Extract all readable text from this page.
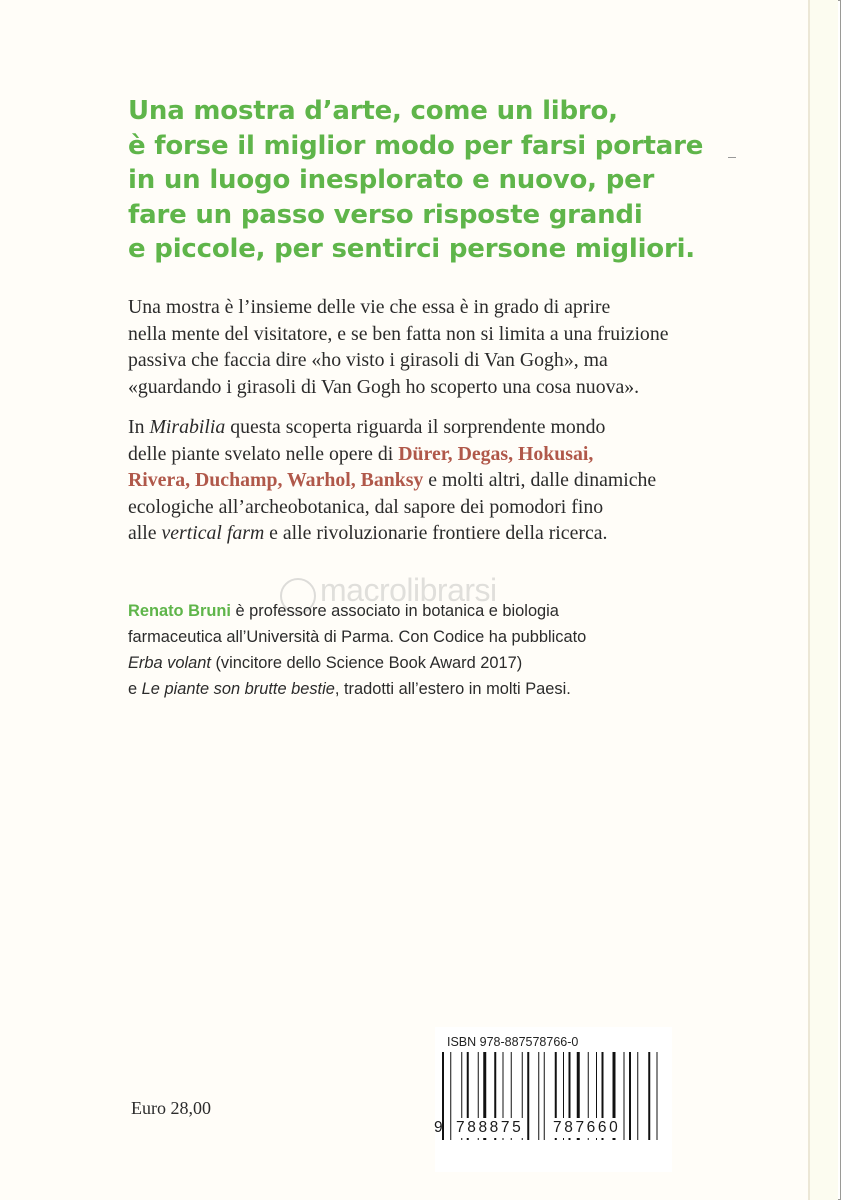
Una mostra d’arte, come un libro,
è forse il miglior modo per farsi portare
in un luogo inesplorato e nuovo, per
fare un passo verso risposte grandi
e piccole, per sentirci persone migliori.

Una mostra è l’insieme delle vie che essa è in grado di aprire
nella mente del visitatore, e se ben fatta non si limita a una fruizione
passiva che faccia dire «ho visto i girasoli di Van Gogh», ma
«guardando i girasoli di Van Gogh ho scoperto una cosa nuova».

In Mirabilia questa scoperta riguarda il sorprendente mondo
delle piante svelato nelle opere di Dürer, Degas, Hokusai,
Rivera, Duchamp, Warhol, Banksy e molti altri, dalle dinamiche
ecologiche all’archeobotanica, dal sapore dei pomodori fino
alle vertical farm e alle rivoluzionarie frontiere della ricerca.

macrolibrarsi

Renato Bruni è professore associato in botanica e biologia
farmaceutica all’Università di Parma. Con Codice ha pubblicato
Erba volant (vincitore dello Science Book Award 2017)
e Le piante son brutte bestie, tradotti all’estero in molti Paesi.

Euro 28,00
ISBN 978-887578766-0
9 788875 787660
